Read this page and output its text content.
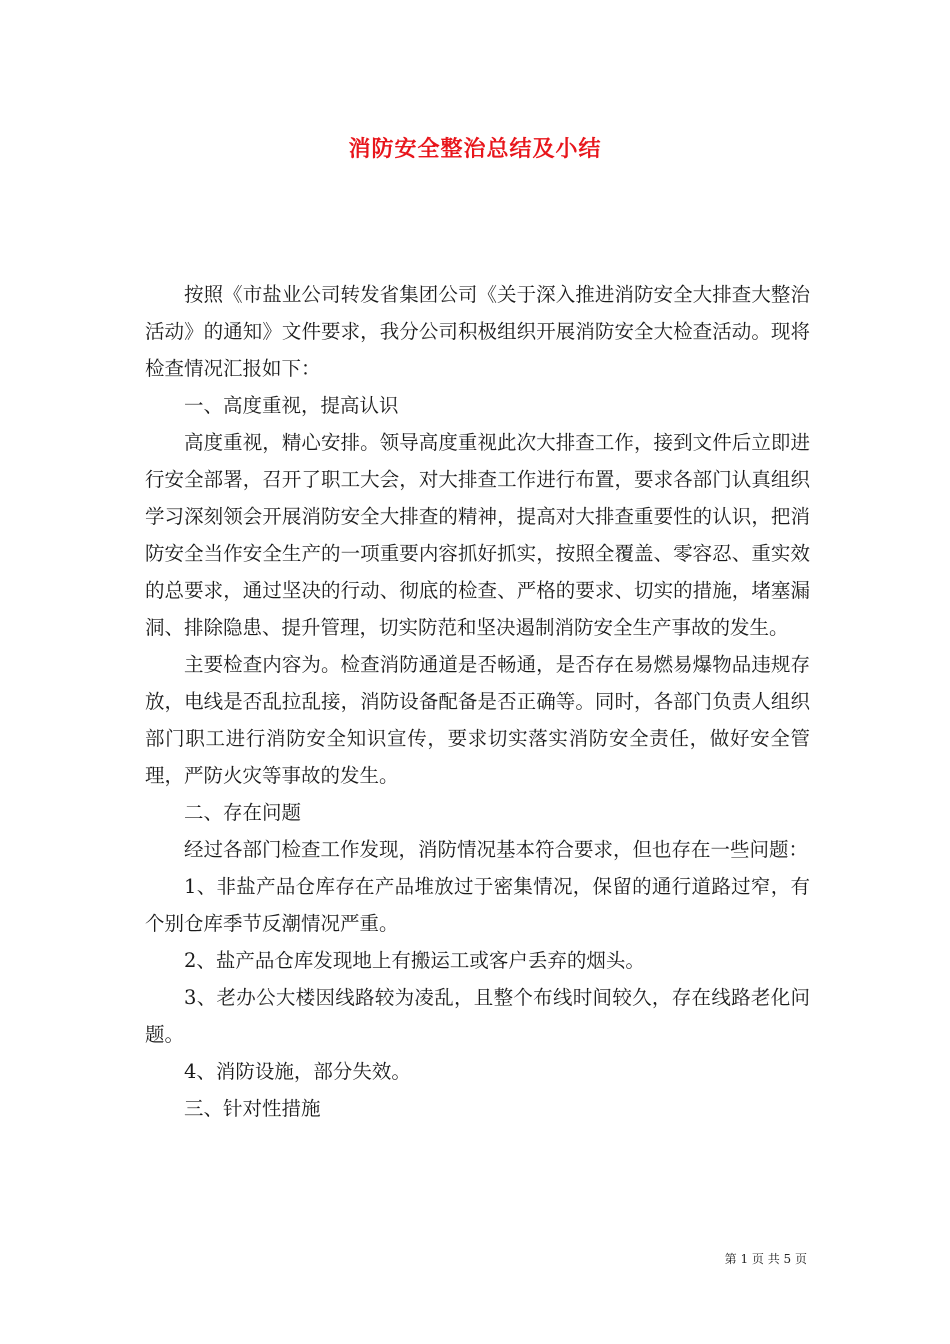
消防安全整治总结及小结

按照《市盐业公司转发省集团公司《关于深入推进消防安全大排查大整治活动》的通知》文件要求，我分公司积极组织开展消防安全大检查活动。现将检查情况汇报如下：

一、高度重视，提高认识

高度重视，精心安排。领导高度重视此次大排查工作，接到文件后立即进行安全部署，召开了职工大会，对大排查工作进行布置，要求各部门认真组织学习深刻领会开展消防安全大排查的精神，提高对大排查重要性的认识，把消防安全当作安全生产的一项重要内容抓好抓实，按照全覆盖、零容忍、重实效的总要求，通过坚决的行动、彻底的检查、严格的要求、切实的措施，堵塞漏洞、排除隐患、提升管理，切实防范和坚决遏制消防安全生产事故的发生。

主要检查内容为。检查消防通道是否畅通，是否存在易燃易爆物品违规存放，电线是否乱拉乱接，消防设备配备是否正确等。同时，各部门负责人组织部门职工进行消防安全知识宣传，要求切实落实消防安全责任，做好安全管理，严防火灾等事故的发生。

二、存在问题

经过各部门检查工作发现，消防情况基本符合要求，但也存在一些问题：

1、非盐产品仓库存在产品堆放过于密集情况，保留的通行道路过窄，有个别仓库季节反潮情况严重。

2、盐产品仓库发现地上有搬运工或客户丢弃的烟头。

3、老办公大楼因线路较为凌乱，且整个布线时间较久，存在线路老化问题。

4、消防设施，部分失效。

三、针对性措施

第 1 页 共 5 页
